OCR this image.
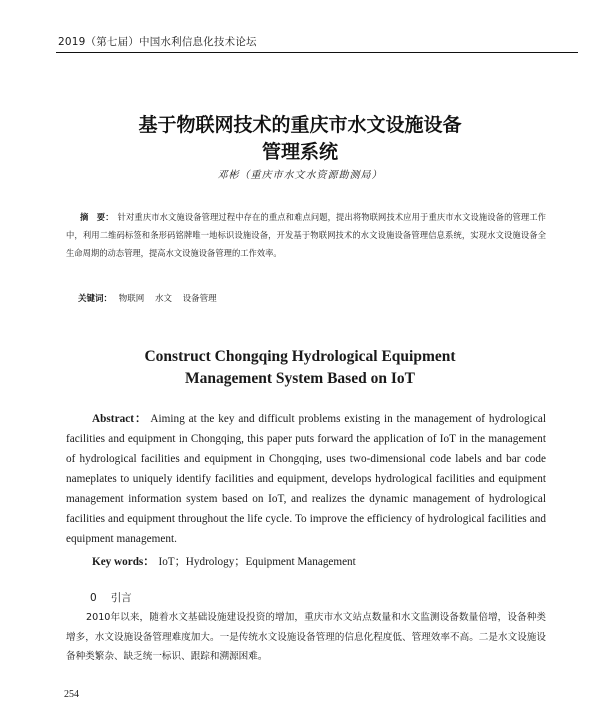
2019（第七届）中国水利信息化技术论坛
基于物联网技术的重庆市水文设施设备
管理系统
邓彬（重庆市水文水资源勘测局）
摘　要： 针对重庆市水文施设备管理过程中存在的重点和难点问题，提出将物联网技术应用于重庆市水文设施设备的管理工作中，利用二维码标签和条形码铭牌唯一地标识设施设备，开发基于物联网技术的水文设施设备管理信息系统，实现水文设施设备全生命周期的动态管理，提高水文设施设备管理的工作效率。
关键词： 物联网 水文 设备管理
Construct Chongqing Hydrological Equipment
Management System Based on IoT
Abstract： Aiming at the key and difficult problems existing in the management of hydrological facilities and equipment in Chongqing, this paper puts forward the application of IoT in the management of hydrological facilities and equipment in Chongqing, uses two-dimensional code labels and bar code nameplates to uniquely identify facilities and equipment, develops hydrological facilities and equipment management information system based on IoT, and realizes the dynamic management of hydrological facilities and equipment throughout the life cycle. To improve the efficiency of hydrological facilities and equipment management.
Key words： IoT；Hydrology；Equipment Management
0 引言
2010年以来，随着水文基础设施建设投资的增加，重庆市水文站点数量和水文监测设备数量倍增，设备种类增多，水文设施设备管理难度加大。一是传统水文设施设备管理的信息化程度低、管理效率不高。二是水文设施设备种类繁杂、缺乏统一标识、跟踪和溯源困难。
254
